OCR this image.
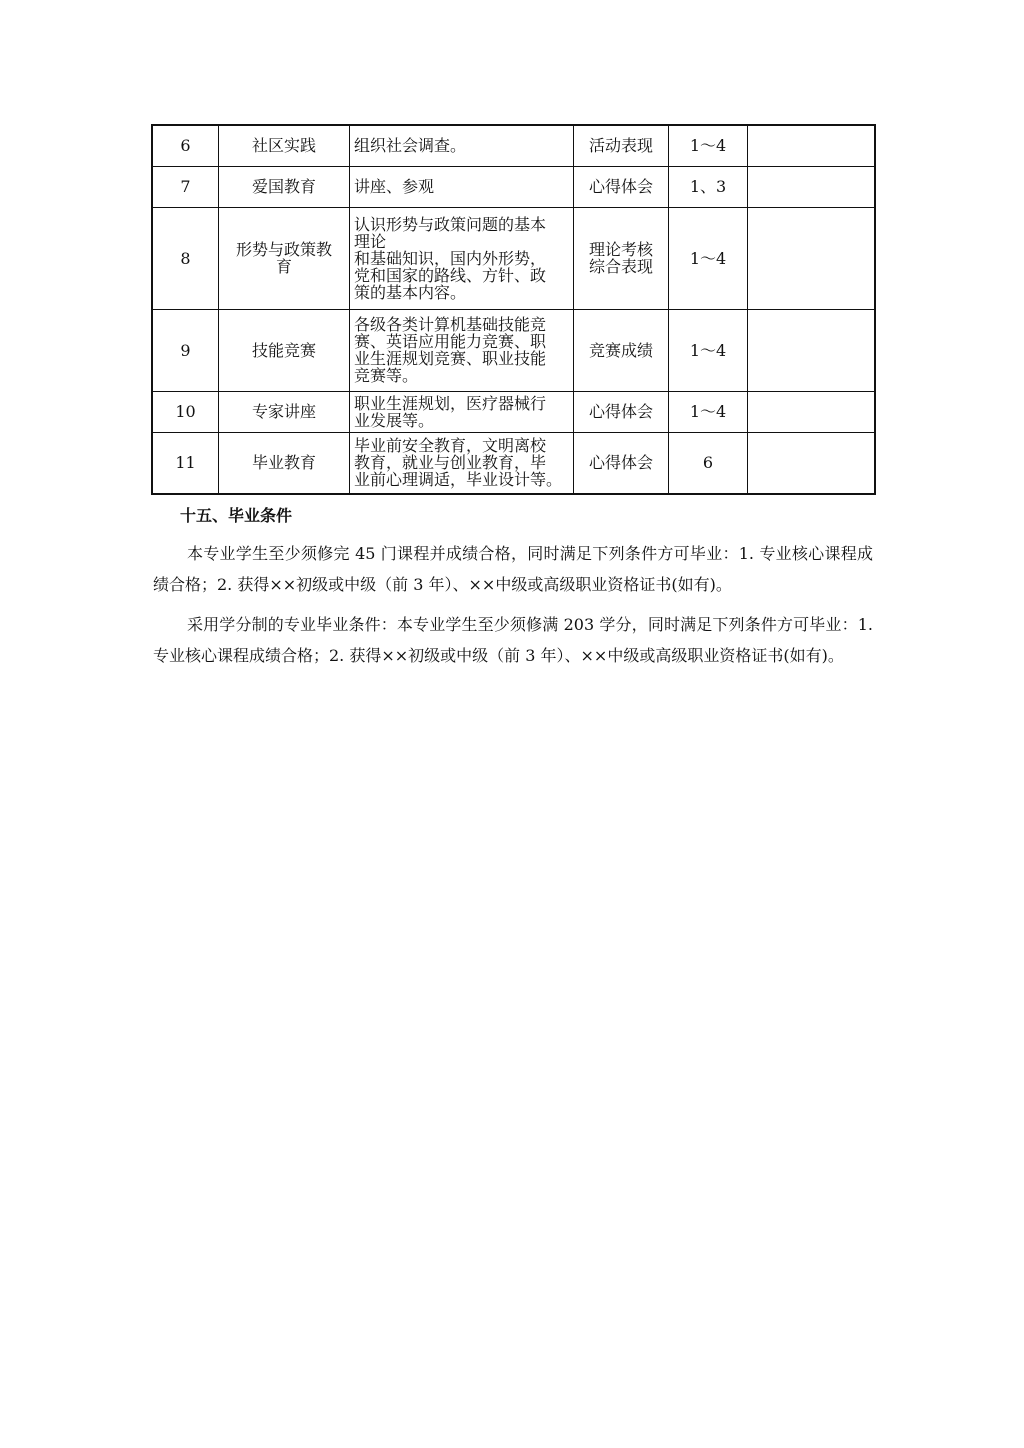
6	社区实践	组织社会调查。	活动表现	1～4	
7	爱国教育	讲座、参观	心得体会	1、3	
8	形势与政策教
育	认识形势与政策问题的基本
理论
和基础知识，国内外形势，
党和国家的路线、方针、政
策的基本内容。	理论考核
综合表现	1～4	
9	技能竞赛	各级各类计算机基础技能竞
赛、英语应用能力竞赛、职
业生涯规划竞赛、职业技能
竞赛等。	竞赛成绩	1～4	
10	专家讲座	职业生涯规划，医疗器械行
业发展等。	心得体会	1～4	
11	毕业教育	毕业前安全教育，文明离校
教育，就业与创业教育，毕
业前心理调适，毕业设计等。	心得体会	6	
十五、毕业条件

本专业学生至少须修完 45 门课程并成绩合格，同时满足下列条件方可毕业：1. 专业核心课程成绩合格；2. 获得××初级或中级（前 3 年）、××中级或高级职业资格证书(如有)。

采用学分制的专业毕业条件：本专业学生至少须修满 203 学分，同时满足下列条件方可毕业：1. 专业核心课程成绩合格；2. 获得××初级或中级（前 3 年）、××中级或高级职业资格证书(如有)。
